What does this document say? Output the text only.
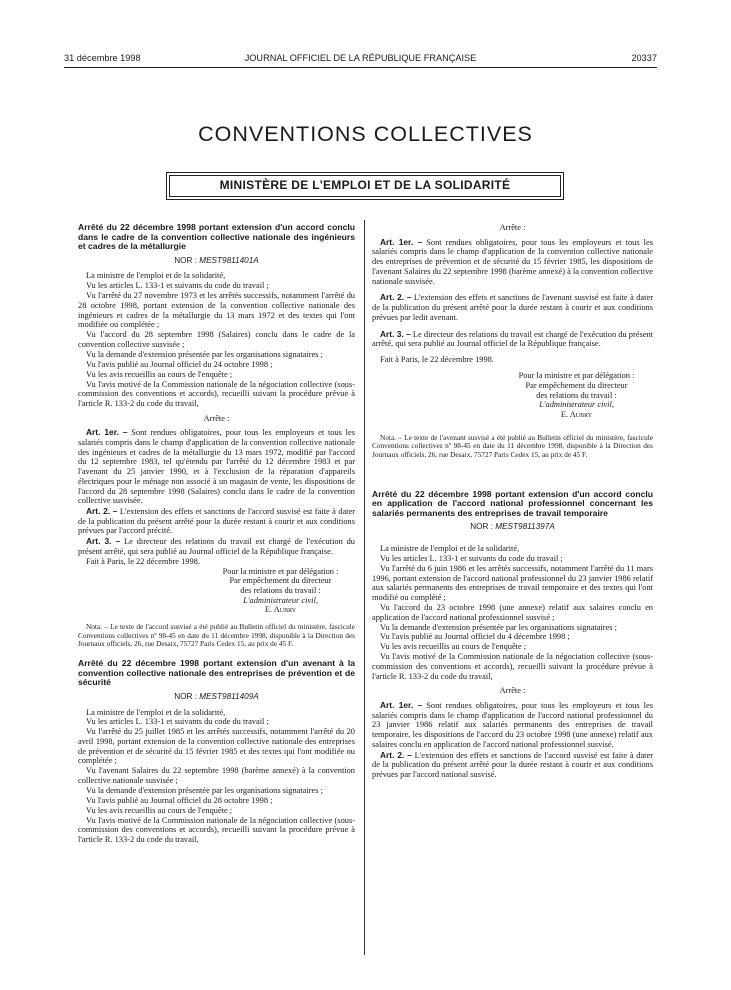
31 décembre 1998	JOURNAL OFFICIEL DE LA RÉPUBLIQUE FRANÇAISE	20337
CONVENTIONS COLLECTIVES
MINISTÈRE DE L'EMPLOI ET DE LA SOLIDARITÉ
Arrêté du 22 décembre 1998 portant extension d'un accord conclu dans le cadre de la convention collective nationale des ingénieurs et cadres de la métallurgie
NOR : MEST9811401A

La ministre de l'emploi et de la solidarité,

Vu les articles L. 133-1 et suivants du code du travail ;

Vu l'arrêté du 27 novembre 1973 et les arrêtés successifs, notamment l'arrêté du 28 octobre 1998, portant extension de la convention collective nationale des ingénieurs et cadres de la métallurgie du 13 mars 1972 et des textes qui l'ont modifiée ou complétée ;

Vu l'accord du 28 septembre 1998 (Salaires) conclu dans le cadre de la convention collective susvisée ;

Vu la demande d'extension présentée par les organisations signataires ;

Vu l'avis publié au Journal officiel du 24 octobre 1998 ;

Vu les avis recueillis au cours de l'enquête ;

Vu l'avis motivé de la Commission nationale de la négociation collective (sous-commission des conventions et accords), recueilli suivant la procédure prévue à l'article R. 133-2 du code du travail,

Arrête :

Art. 1er. – Sont rendues obligatoires, pour tous les employeurs et tous les salariés compris dans le champ d'application de la convention collective nationale des ingénieurs et cadres de la métallurgie du 13 mars 1972, modifié par l'accord du 12 septembre 1983, tel qu'étendu par l'arrêté du 12 décembre 1983 et par l'avenant du 25 janvier 1990, et à l'exclusion de la réparation d'appareils électriques pour le ménage non associé à un magasin de vente, les dispositions de l'accord du 28 septembre 1998 (Salaires) conclu dans le cadre de la convention collective susvisée.

Art. 2. – L'extension des effets et sanctions de l'accord susvisé est faite à dater de la publication du présent arrêté pour la durée restant à courir et aux conditions prévues par l'accord précité.

Art. 3. – Le directeur des relations du travail est chargé de l'exécution du présent arrêté, qui sera publié au Journal officiel de la République française.

Fait à Paris, le 22 décembre 1998.

Pour la ministre et par délégation :
Par empêchement du directeur
des relations du travail :
L'administrateur civil,
E. Aubry

Nota. – Le texte de l'accord susvisé a été publié au Bulletin officiel du ministère, fascicule Conventions collectives nº 98-45 en date du 11 décembre 1998, disponible à la Direction des Journaux officiels, 26, rue Desaix, 75727 Paris Cedex 15, au prix de 45 F.

Arrêté du 22 décembre 1998 portant extension d'un avenant à la convention collective nationale des entreprises de prévention et de sécurité
NOR : MEST9811409A

La ministre de l'emploi et de la solidarité,

Vu les articles L. 133-1 et suivants du code du travail ;

Vu l'arrêté du 25 juillet 1985 et les arrêtés successifs, notamment l'arrêté du 20 avril 1998, portant extension de la convention collective nationale des entreprises de prévention et de sécurité du 15 février 1985 et des textes qui l'ont modifiée ou complétée ;

Vu l'avenant Salaires du 22 septembre 1998 (barème annexé) à la convention collective nationale susvisée ;

Vu la demande d'extension présentée par les organisations signataires ;

Vu l'avis publié au Journal officiel du 28 octobre 1998 ;

Vu les avis recueillis au cours de l'enquête ;

Vu l'avis motivé de la Commission nationale de la négociation collective (sous-commission des conventions et accords), recueilli suivant la procédure prévue à l'article R. 133-2 du code du travail,

Arrête :

Art. 1er. – Sont rendues obligatoires, pour tous les employeurs et tous les salariés compris dans le champ d'application de la convention collective nationale des entreprises de prévention et de sécurité du 15 février 1985, les dispositions de l'avenant Salaires du 22 septembre 1998 (barème annexé) à la convention collective nationale susvisée.

Art. 2. – L'extension des effets et sanctions de l'avenant susvisé est faite à dater de la publication du présent arrêté pour la durée restant à courir et aux conditions prévues par ledit avenant.

Art. 3. – Le directeur des relations du travail est chargé de l'exécution du présent arrêté, qui sera publié au Journal officiel de la République française.

Fait à Paris, le 22 décembre 1998.

Pour la ministre et par délégation :
Par empêchement du directeur
des relations du travail :
L'administrateur civil,
E. Aubry

Nota. – Le texte de l'avenant susvisé a été publié au Bulletin officiel du ministère, fascicule Conventions collectives nº 98-45 en date du 11 décembre 1998, disponible à la Direction des Journaux officiels, 26, rue Desaix, 75727 Paris Cedex 15, au prix de 45 F.

Arrêté du 22 décembre 1998 portant extension d'un accord conclu en application de l'accord national professionnel concernant les salariés permanents des entreprises de travail temporaire
NOR : MEST9811397A

La ministre de l'emploi et de la solidarité,

Vu les articles L. 133-1 et suivants du code du travail ;

Vu l'arrêté du 6 juin 1986 et les arrêtés successifs, notamment l'arrêté du 11 mars 1996, portant extension de l'accord national professionnel du 23 janvier 1986 relatif aux salariés permanents des entreprises de travail temporaire et des textes qui l'ont modifié ou complété ;

Vu l'accord du 23 octobre 1998 (une annexe) relatif aux salaires conclu en application de l'accord national professionnel susvisé ;

Vu la demande d'extension présentée par les organisations signataires ;

Vu l'avis publié au Journal officiel du 4 décembre 1998 ;

Vu les avis recueillis au cours de l'enquête ;

Vu l'avis motivé de la Commission nationale de la négociation collective (sous-commission des conventions et accords), recueilli suivant la procédure prévue à l'article R. 133-2 du code du travail,

Arrête :

Art. 1er. – Sont rendues obligatoires, pour tous les employeurs et tous les salariés compris dans le champ d'application de l'accord national professionnel du 23 janvier 1986 relatif aux salariés permanents des entreprises de travail temporaire, les dispositions de l'accord du 23 octobre 1998 (une annexe) relatif aux salaires conclu en application de l'accord national professionnel susvisé.

Art. 2. – L'extension des effets et sanctions de l'accord susvisé est faite à dater de la publication du présent arrêté pour la durée restant à courir et aux conditions prévues par l'accord national susvisé.
